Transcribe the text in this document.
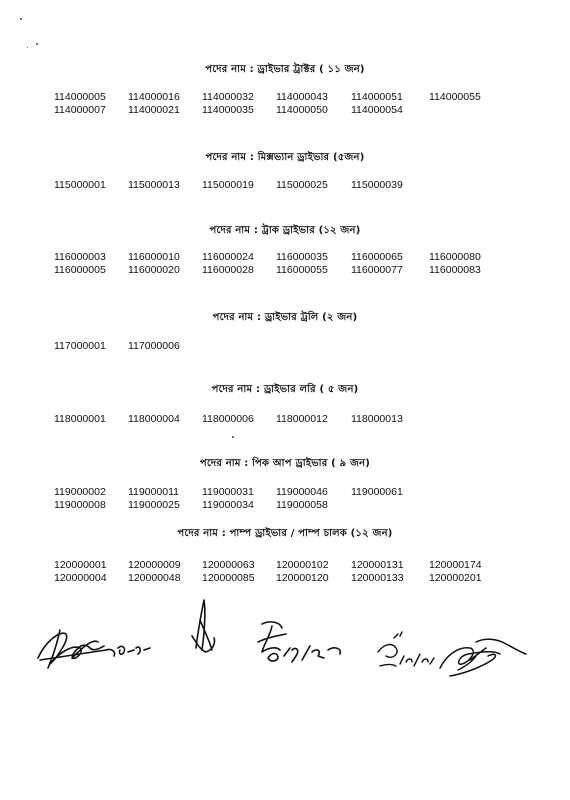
পদের নাম : ড্রাইভার ট্রাক্টর ( ১১ জন)
114000005	114000016	114000032	114000043	114000051	114000055
114000007	114000021	114000035	114000050	114000054
পদের নাম : মিক্সভ্যান ড্রাইভার (৫জন)
115000001	115000013	115000019	115000025	115000039
পদের নাম : ট্রাক ড্রাইভার (১২ জন)
116000003	116000010	116000024	116000035	116000065	116000080
116000005	116000020	116000028	116000055	116000077	116000083
পদের নাম : ড্রাইভার ট্রলি (২ জন)
117000001	117000006
পদের নাম : ড্রাইভার লরি ( ৫ জন)
118000001	118000004	118000006	118000012	118000013
পদের নাম : পিক আপ ড্রাইভার ( ৯ জন)
119000002	119000011	119000031	119000046	119000061
119000008	119000025	119000034	119000058
পদের নাম : পাম্প ড্রাইভার / পাম্প চালক (১২ জন)
120000001	120000009	120000063	120000102	120000131	120000174
120000004	120000048	120000085	120000120	120000133	120000201
